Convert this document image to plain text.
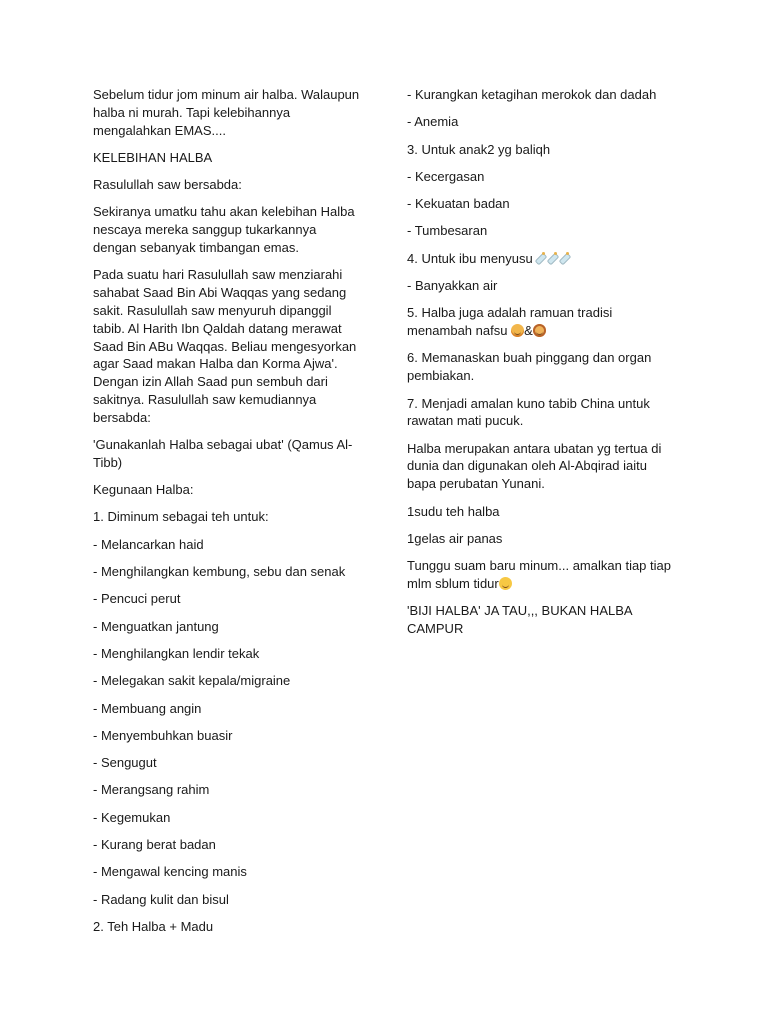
Sebelum tidur jom minum air halba. Walaupun halba ni murah. Tapi kelebihannya mengalahkan EMAS....

KELEBIHAN HALBA

Rasulullah saw bersabda:

Sekiranya umatku tahu akan kelebihan Halba nescaya mereka sanggup tukarkannya dengan sebanyak timbangan emas.

Pada suatu hari Rasulullah saw menziarahi sahabat Saad Bin Abi Waqqas yang sedang sakit. Rasulullah saw menyuruh dipanggil tabib. Al Harith Ibn Qaldah datang merawat Saad Bin ABu Waqqas. Beliau mengesyorkan agar Saad makan Halba dan Korma Ajwa'. Dengan izin Allah Saad pun sembuh dari sakitnya. Rasulullah saw kemudiannya bersabda:

'Gunakanlah Halba sebagai ubat' (Qamus Al-Tibb)

Kegunaan Halba:

1. Diminum sebagai teh untuk:

- Melancarkan haid

- Menghilangkan kembung, sebu dan senak

- Pencuci perut

- Menguatkan jantung

- Menghilangkan lendir tekak

- Melegakan sakit kepala/migraine

- Membuang angin

- Menyembuhkan buasir

- Sengugut

- Merangsang rahim

- Kegemukan

- Kurang berat badan

- Mengawal kencing manis

- Radang kulit dan bisul

2. Teh Halba + Madu

- Kurangkan ketagihan merokok dan dadah

- Anemia

3. Untuk anak2 yg baliqh

- Kecergasan

- Kekuatan badan

- Tumbesaran

4. Untuk ibu menyusu

- Banyakkan air

5. Halba juga adalah ramuan tradisi menambah nafsu &

6. Memanaskan buah pinggang dan organ pembiakan.

7. Menjadi amalan kuno tabib China untuk rawatan mati pucuk.

Halba merupakan antara ubatan yg tertua di dunia dan digunakan oleh Al-Abqirad iaitu bapa perubatan Yunani.

1sudu teh halba

1gelas air panas

Tunggu suam baru minum... amalkan tiap tiap mlm sblum tidur

'BIJI HALBA' JA TAU,,, BUKAN HALBA CAMPUR
